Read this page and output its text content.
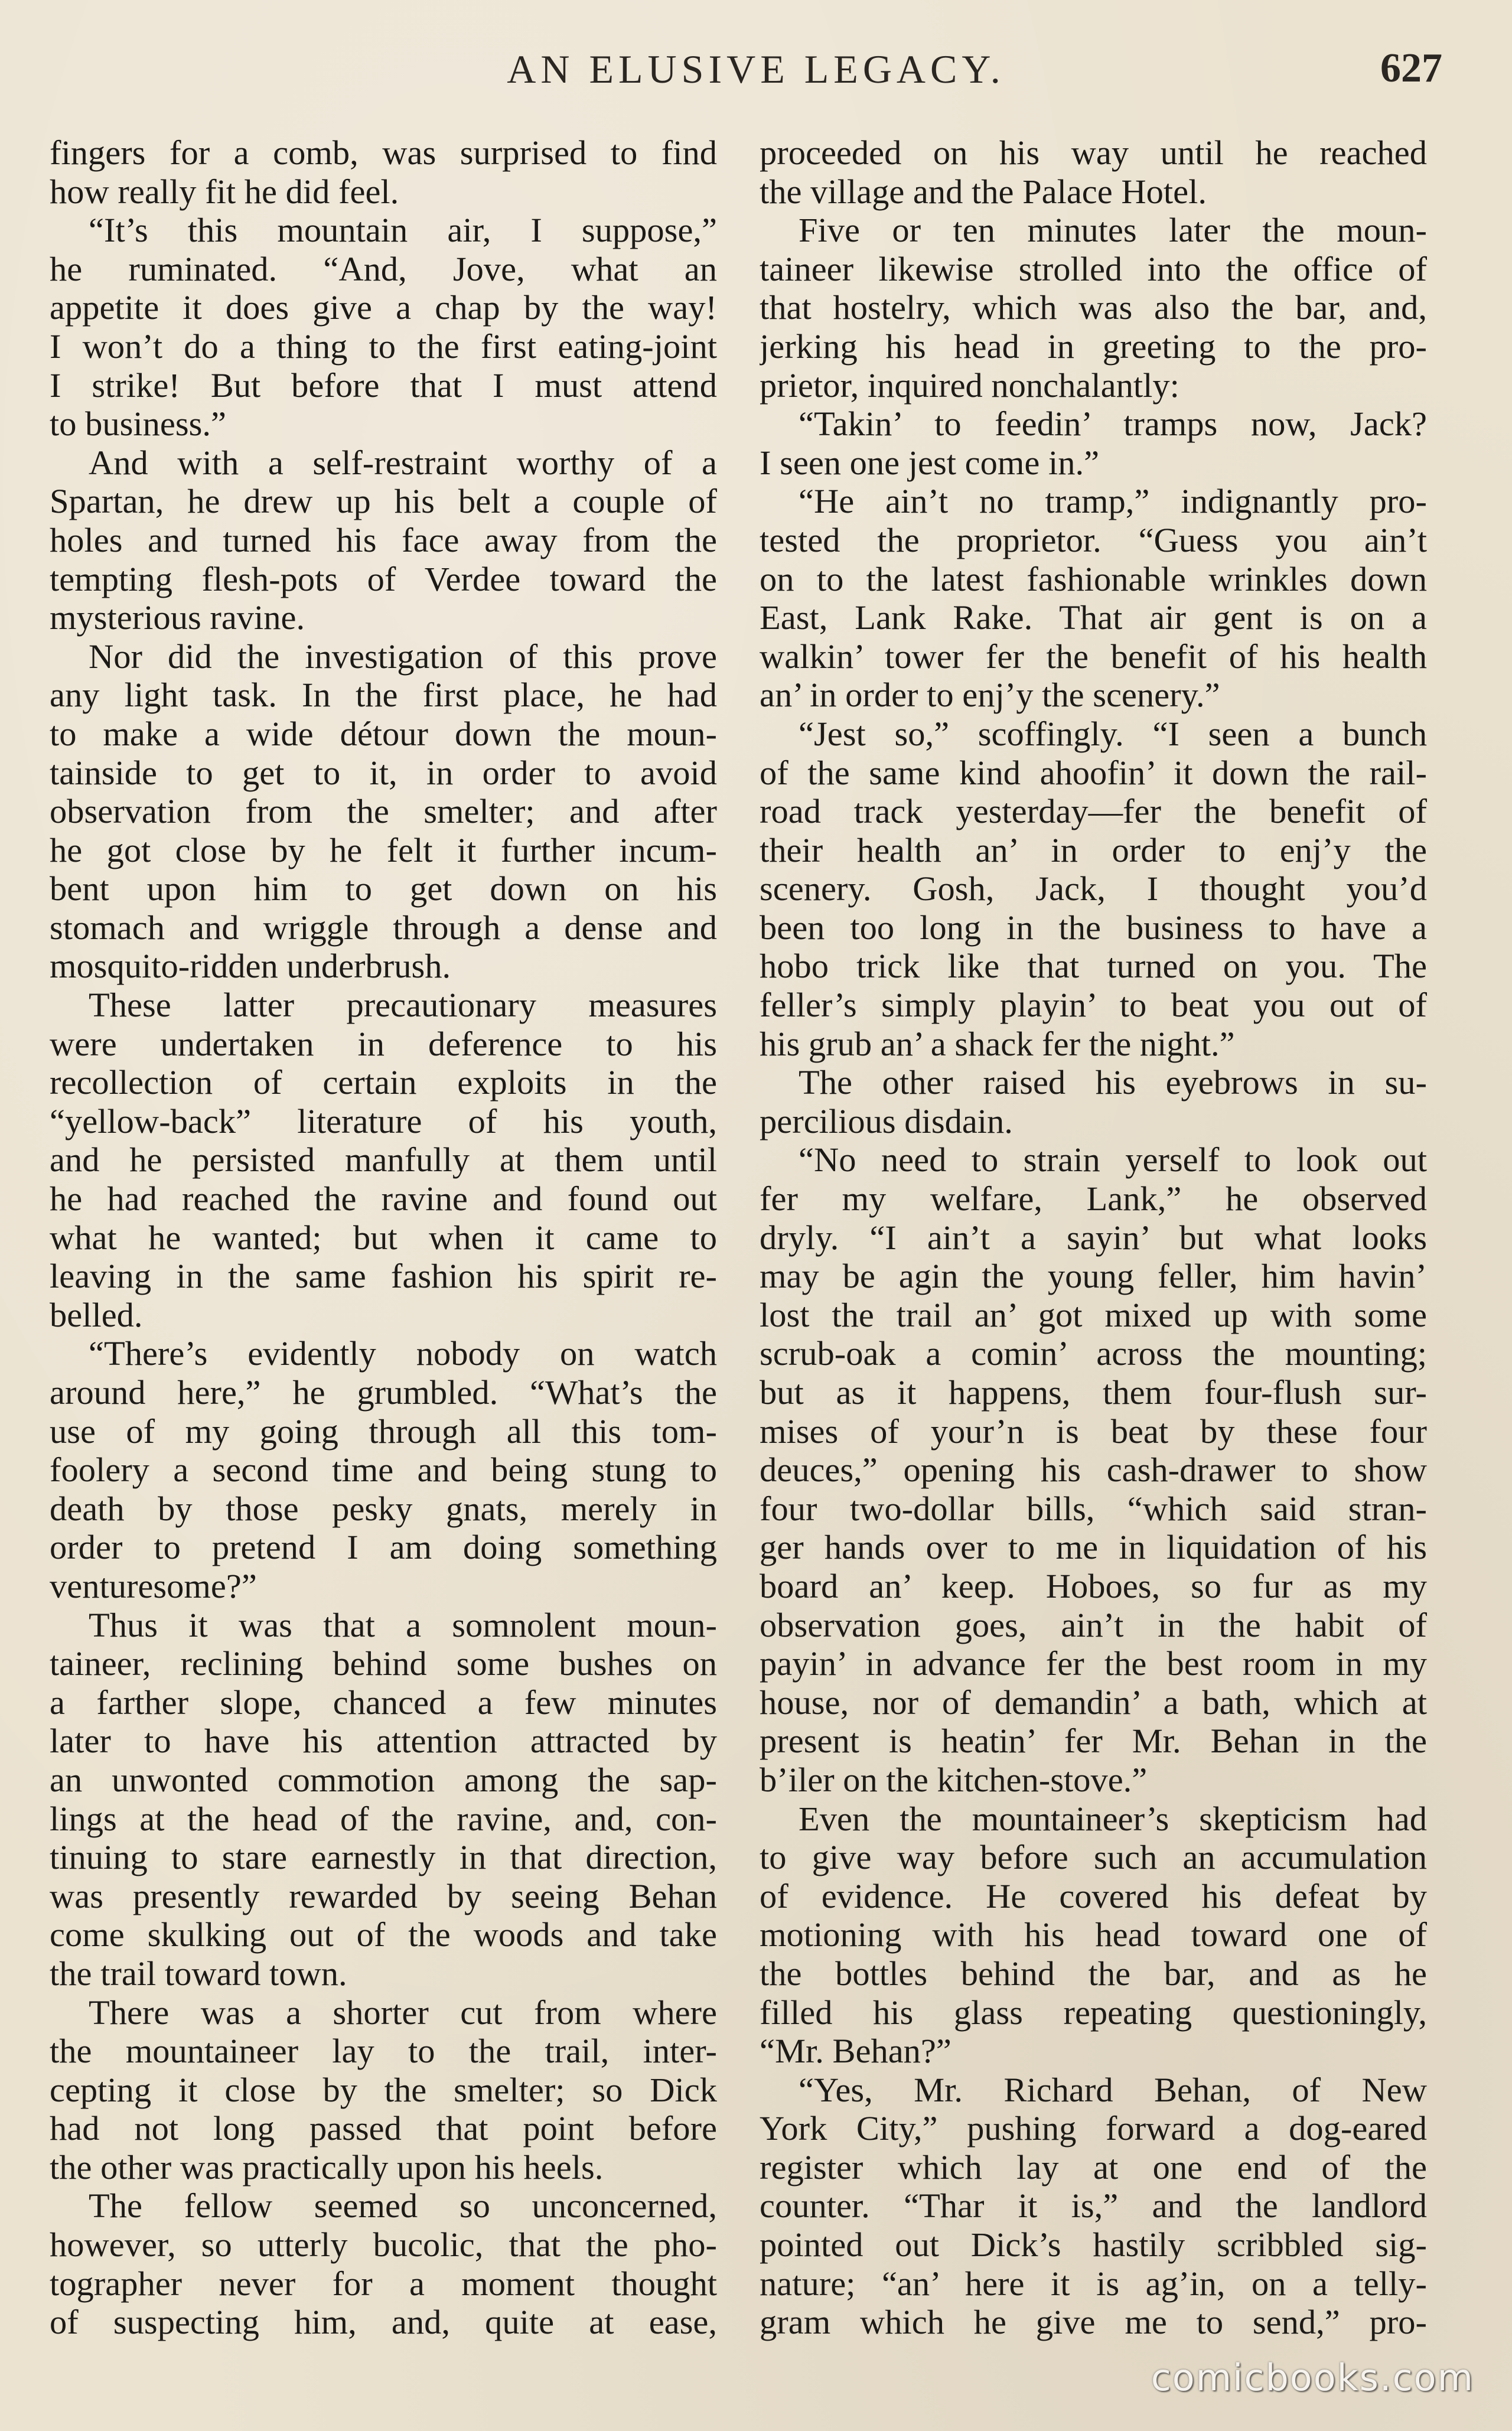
AN ELUSIVE LEGACY.	627
fingers for a comb, was surprised to find
how really fit he did feel.
“It’s this mountain air, I suppose,”
he ruminated. “And, Jove, what an
appetite it does give a chap by the way!
I won’t do a thing to the first eating-joint
I strike! But before that I must attend
to business.”
And with a self-restraint worthy of a
Spartan, he drew up his belt a couple of
holes and turned his face away from the
tempting flesh-pots of Verdee toward the
mysterious ravine.
Nor did the investigation of this prove
any light task. In the first place, he had
to make a wide détour down the moun-
tainside to get to it, in order to avoid
observation from the smelter; and after
he got close by he felt it further incum-
bent upon him to get down on his
stomach and wriggle through a dense and
mosquito-ridden underbrush.
These latter precautionary measures
were undertaken in deference to his
recollection of certain exploits in the
“yellow-back” literature of his youth,
and he persisted manfully at them until
he had reached the ravine and found out
what he wanted; but when it came to
leaving in the same fashion his spirit re-
belled.
“There’s evidently nobody on watch
around here,” he grumbled. “What’s the
use of my going through all this tom-
foolery a second time and being stung to
death by those pesky gnats, merely in
order to pretend I am doing something
venturesome?”
Thus it was that a somnolent moun-
taineer, reclining behind some bushes on
a farther slope, chanced a few minutes
later to have his attention attracted by
an unwonted commotion among the sap-
lings at the head of the ravine, and, con-
tinuing to stare earnestly in that direction,
was presently rewarded by seeing Behan
come skulking out of the woods and take
the trail toward town.
There was a shorter cut from where
the mountaineer lay to the trail, inter-
cepting it close by the smelter; so Dick
had not long passed that point before
the other was practically upon his heels.
The fellow seemed so unconcerned,
however, so utterly bucolic, that the pho-
tographer never for a moment thought
of suspecting him, and, quite at ease,
proceeded on his way until he reached
the village and the Palace Hotel.
Five or ten minutes later the moun-
taineer likewise strolled into the office of
that hostelry, which was also the bar, and,
jerking his head in greeting to the pro-
prietor, inquired nonchalantly:
“Takin’ to feedin’ tramps now, Jack?
I seen one jest come in.”
“He ain’t no tramp,” indignantly pro-
tested the proprietor. “Guess you ain’t
on to the latest fashionable wrinkles down
East, Lank Rake. That air gent is on a
walkin’ tower fer the benefit of his health
an’ in order to enj’y the scenery.”
“Jest so,” scoffingly. “I seen a bunch
of the same kind ahoofin’ it down the rail-
road track yesterday—fer the benefit of
their health an’ in order to enj’y the
scenery. Gosh, Jack, I thought you’d
been too long in the business to have a
hobo trick like that turned on you. The
feller’s simply playin’ to beat you out of
his grub an’ a shack fer the night.”
The other raised his eyebrows in su-
percilious disdain.
“No need to strain yerself to look out
fer my welfare, Lank,” he observed
dryly. “I ain’t a sayin’ but what looks
may be agin the young feller, him havin’
lost the trail an’ got mixed up with some
scrub-oak a comin’ across the mounting;
but as it happens, them four-flush sur-
mises of your’n is beat by these four
deuces,” opening his cash-drawer to show
four two-dollar bills, “which said stran-
ger hands over to me in liquidation of his
board an’ keep. Hoboes, so fur as my
observation goes, ain’t in the habit of
payin’ in advance fer the best room in my
house, nor of demandin’ a bath, which at
present is heatin’ fer Mr. Behan in the
b’iler on the kitchen-stove.”
Even the mountaineer’s skepticism had
to give way before such an accumulation
of evidence. He covered his defeat by
motioning with his head toward one of
the bottles behind the bar, and as he
filled his glass repeating questioningly,
“Mr. Behan?”
“Yes, Mr. Richard Behan, of New
York City,” pushing forward a dog-eared
register which lay at one end of the
counter. “Thar it is,” and the landlord
pointed out Dick’s hastily scribbled sig-
nature; “an’ here it is ag’in, on a telly-
gram which he give me to send,” pro-
comicbooks.com
